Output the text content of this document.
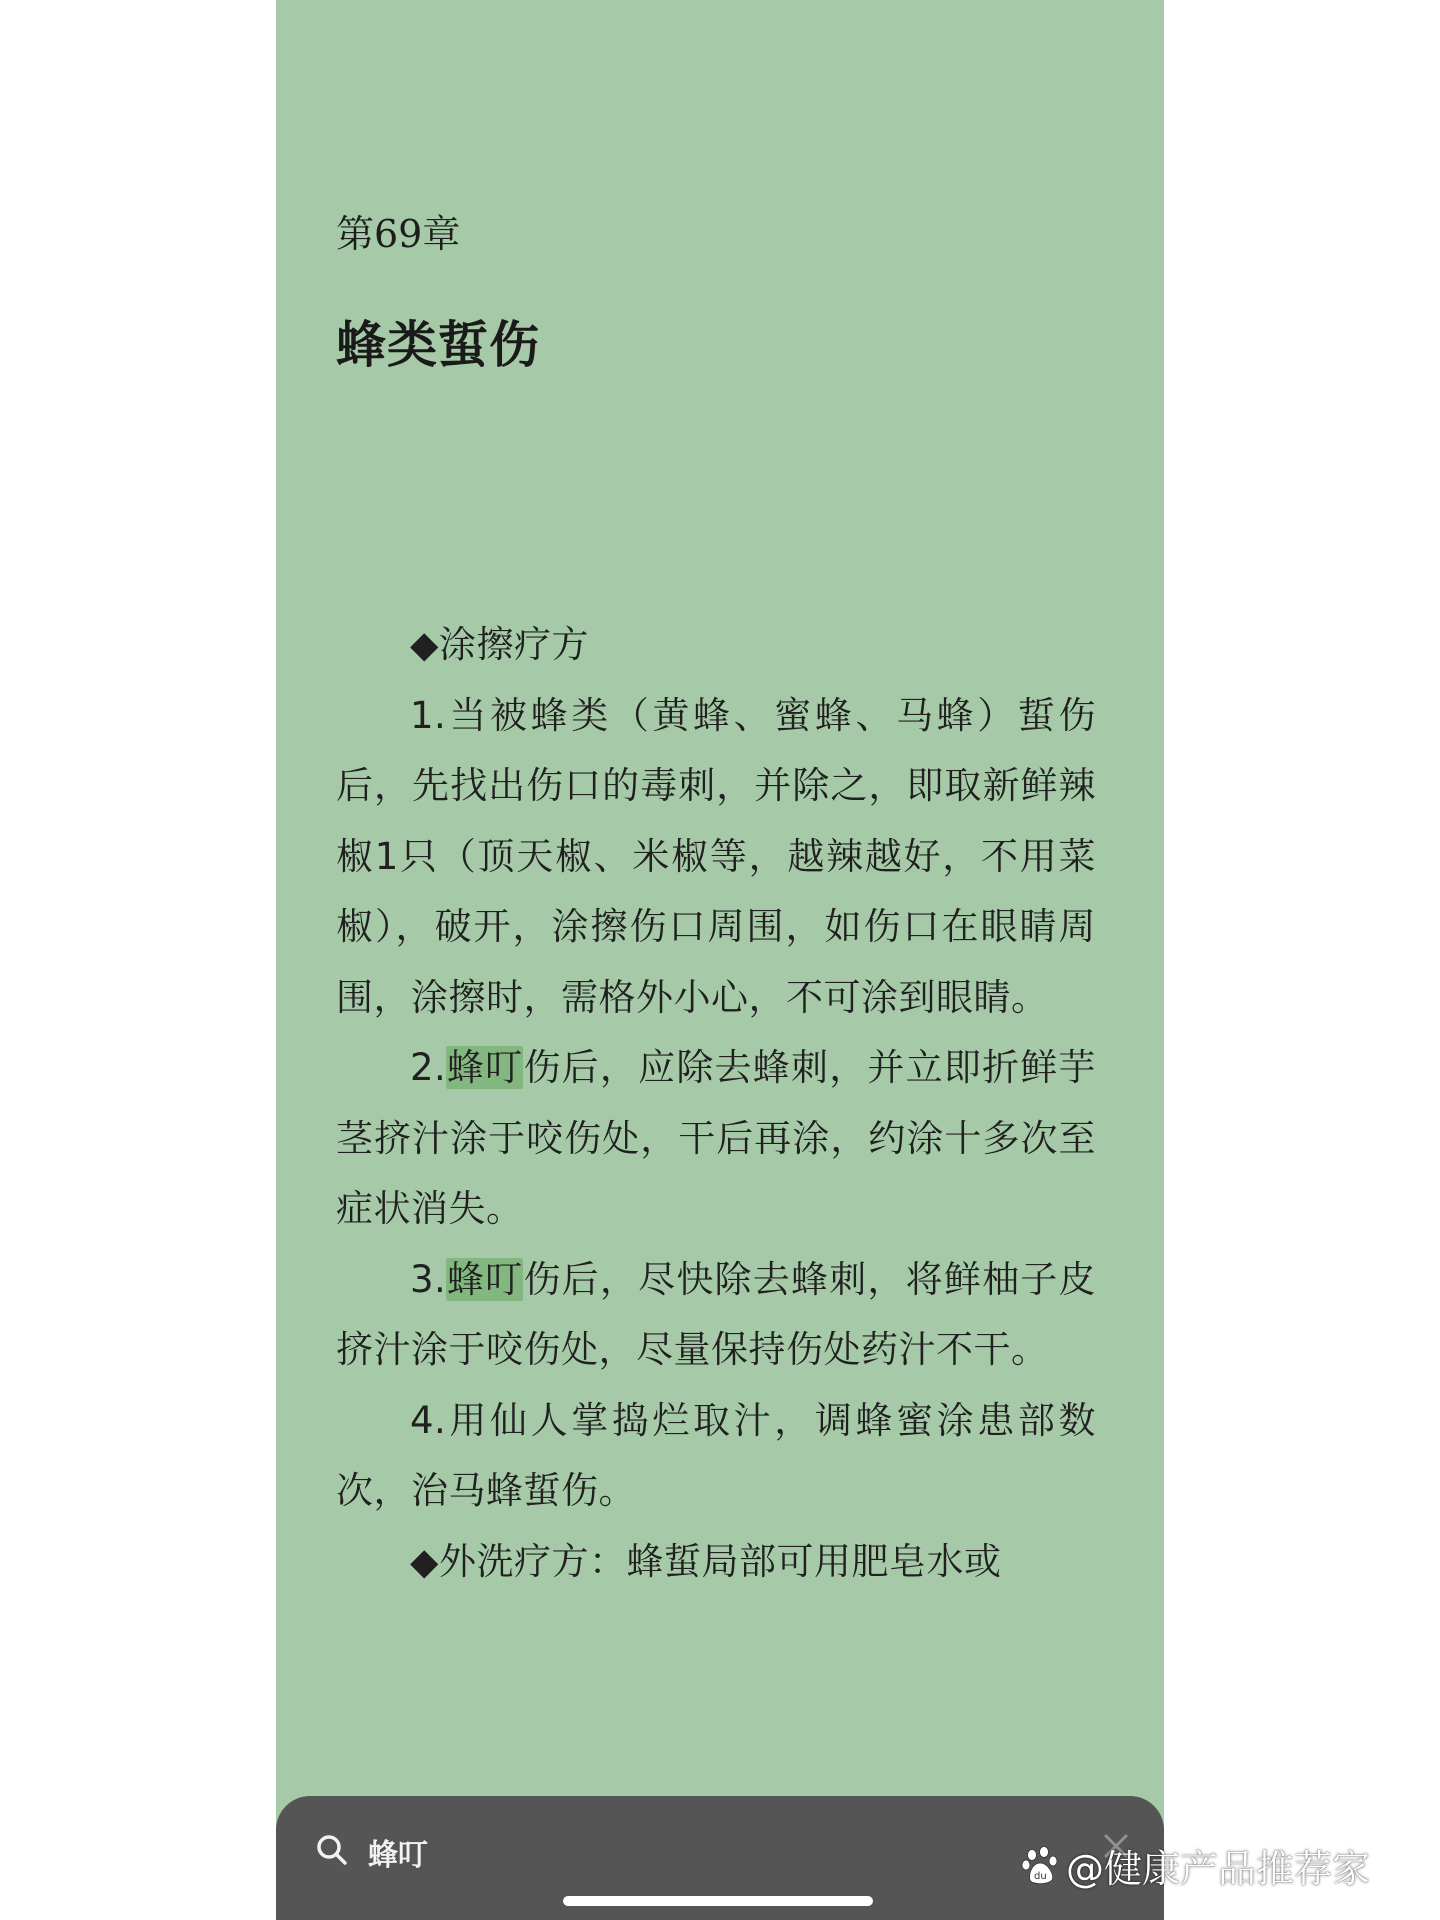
第69章
蜂类蜇伤

◆涂擦疗方

1.当被蜂类（黄蜂、蜜蜂、马蜂）蜇伤后，先找出伤口的毒刺，并除之，即取新鲜辣椒1只（顶天椒、米椒等，越辣越好，不用菜椒），破开，涂擦伤口周围，如伤口在眼睛周围，涂擦时，需格外小心，不可涂到眼睛。

2.蜂叮伤后，应除去蜂刺，并立即折鲜芋茎挤汁涂于咬伤处，干后再涂，约涂十多次至症状消失。

3.蜂叮伤后，尽快除去蜂刺，将鲜柚子皮挤汁涂于咬伤处，尽量保持伤处药汁不干。

4.用仙人掌捣烂取汁，调蜂蜜涂患部数次，治马蜂蜇伤。

◆外洗疗方：蜂蜇局部可用肥皂水或

蜂叮
du @健康产品推荐家
